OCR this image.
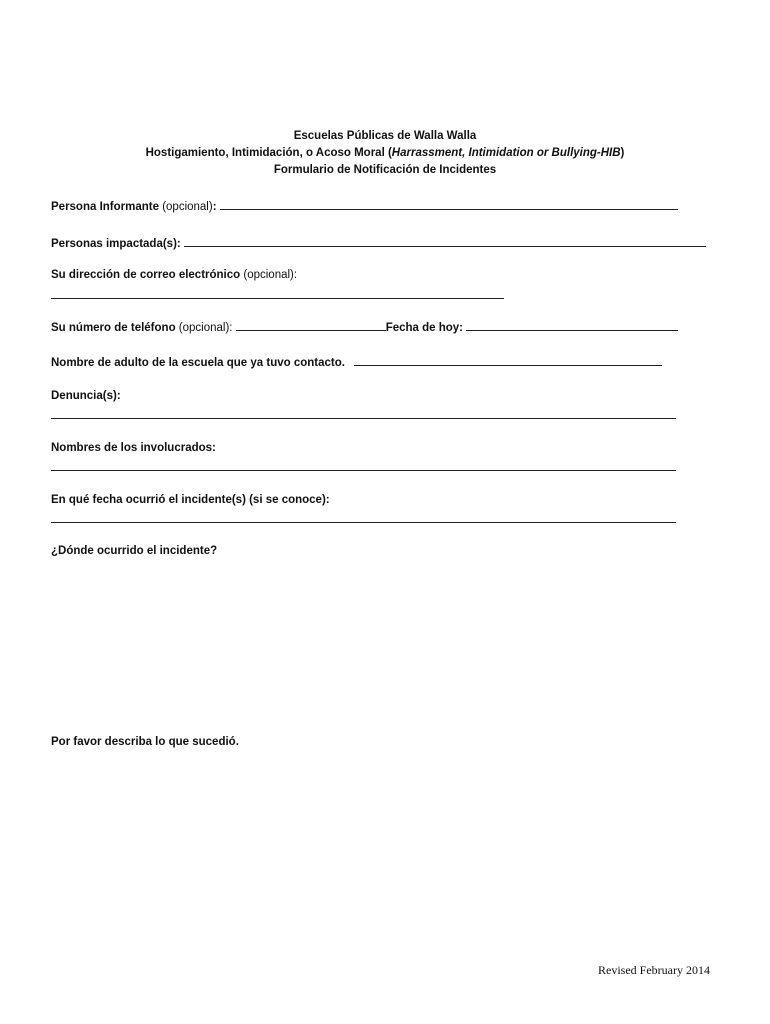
Escuelas Públicas de Walla Walla
Hostigamiento, Intimidación, o Acoso Moral (Harrassment, Intimidation or Bullying-HIB)
Formulario de Notificación de Incidentes
Persona Informante (opcional):
Personas impactada(s):
Su dirección de correo electrónico (opcional):
Su número de teléfono (opcional):	Fecha de hoy:
Nombre de adulto de la escuela que ya tuvo contacto.
Denuncia(s):
Nombres de los involucrados:
En qué fecha ocurrió el incidente(s) (si se conoce):
¿Dónde ocurrido el incidente?
Por favor describa lo que sucedió.
Revised February 2014
